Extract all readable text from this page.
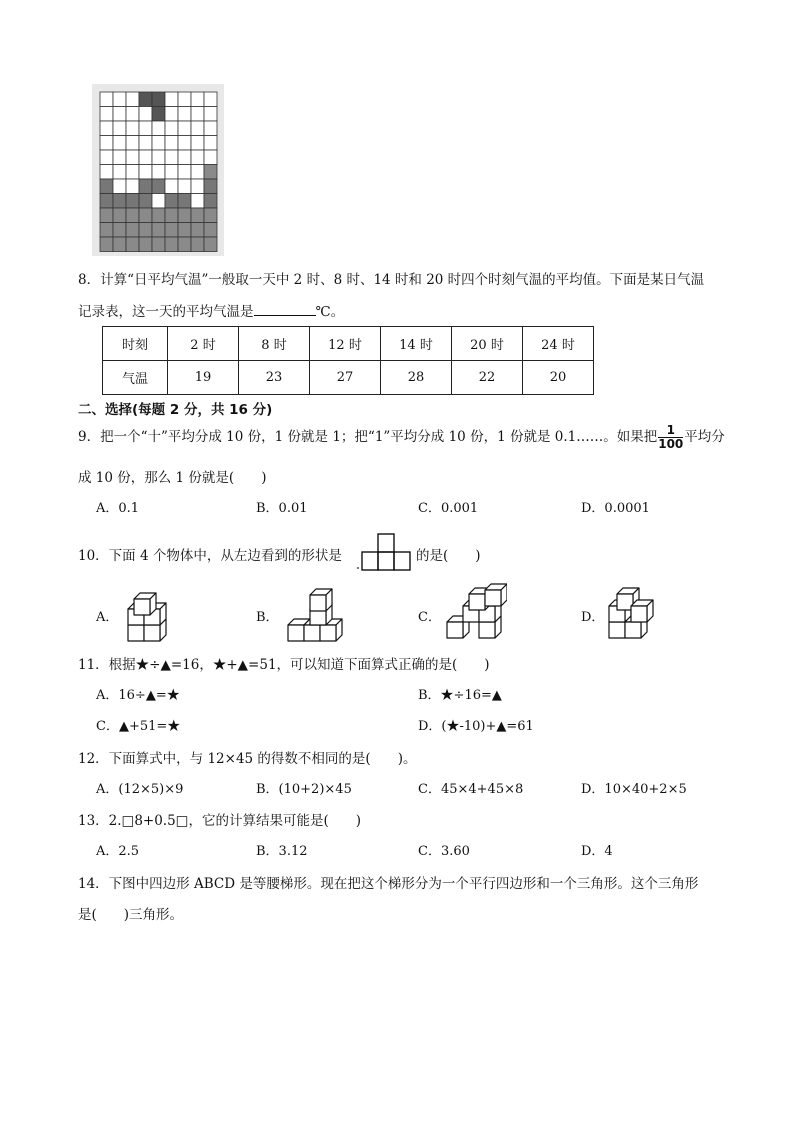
8．计算“日平均气温”一般取一天中 2 时、8 时、14 时和 20 时四个时刻气温的平均值。下面是某日气温
记录表，这一天的平均气温是	℃。
时刻	2 时	8 时	12 时	14 时	20 时	24 时
气温	19	23	27	28	22	20
二、选择(每题 2 分，共 16 分)
9．把一个“十”平均分成 10 份，1 份就是 1；把“1”平均分成 10 份，1 份就是 0.1……。如果把 $\frac{1}{100}$ 平均分
成 10 份，那么 1 份就是(　　)
A．0.1	B．0.01	C．0.001	D．0.0001
10．下面 4 个物体中，从左边看到的形状是	的是(　　)
A．	B．	C．	D．
11．根据★÷▲=16，★+▲=51，可以知道下面算式正确的是(　　)
A．16÷▲=★	B．★÷16=▲
C．▲+51=★	D．(★-10)+▲=61
12．下面算式中，与 12×45 的得数不相同的是(　　)。
A．(12×5)×9	B．(10+2)×45	C．45×4+45×8	D．10×40+2×5
13．2.□8+0.5□，它的计算结果可能是(　　)
A．2.5	B．3.12	C．3.60	D．4
14．下图中四边形 ABCD 是等腰梯形。现在把这个梯形分为一个平行四边形和一个三角形。这个三角形
是(　　)三角形。
